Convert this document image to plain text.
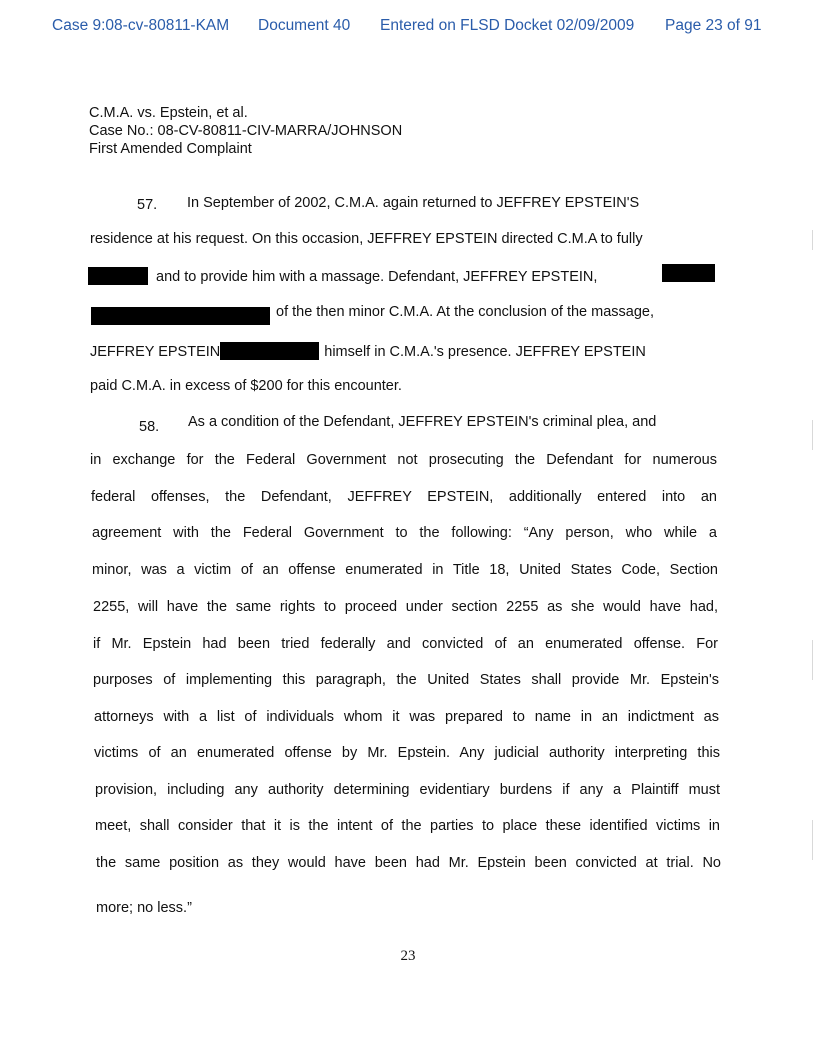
Case 9:08-cv-80811-KAM Document 40 Entered on FLSD Docket 02/09/2009 Page 23 of 91
C.M.A. vs. Epstein, et al.
Case No.: 08-CV-80811-CIV-MARRA/JOHNSON
First Amended Complaint
57. In September of 2002, C.M.A. again returned to JEFFREY EPSTEIN'S
residence at his request. On this occasion, JEFFREY EPSTEIN directed C.M.A to fully
and to provide him with a massage. Defendant, JEFFREY EPSTEIN,
of the then minor C.M.A. At the conclusion of the massage,
JEFFREY EPSTEIN	himself in C.M.A.'s presence. JEFFREY EPSTEIN
paid C.M.A. in excess of $200 for this encounter.
58. As a condition of the Defendant, JEFFREY EPSTEIN's criminal plea, and
in exchange for the Federal Government not prosecuting the Defendant for numerous
federal offenses, the Defendant, JEFFREY EPSTEIN, additionally entered into an
agreement with the Federal Government to the following: “Any person, who while a
minor, was a victim of an offense enumerated in Title 18, United States Code, Section
2255, will have the same rights to proceed under section 2255 as she would have had,
if Mr. Epstein had been tried federally and convicted of an enumerated offense. For
purposes of implementing this paragraph, the United States shall provide Mr. Epstein's
attorneys with a list of individuals whom it was prepared to name in an indictment as
victims of an enumerated offense by Mr. Epstein. Any judicial authority interpreting this
provision, including any authority determining evidentiary burdens if any a Plaintiff must
meet, shall consider that it is the intent of the parties to place these identified victims in
the same position as they would have been had Mr. Epstein been convicted at trial. No
more; no less.”
23
